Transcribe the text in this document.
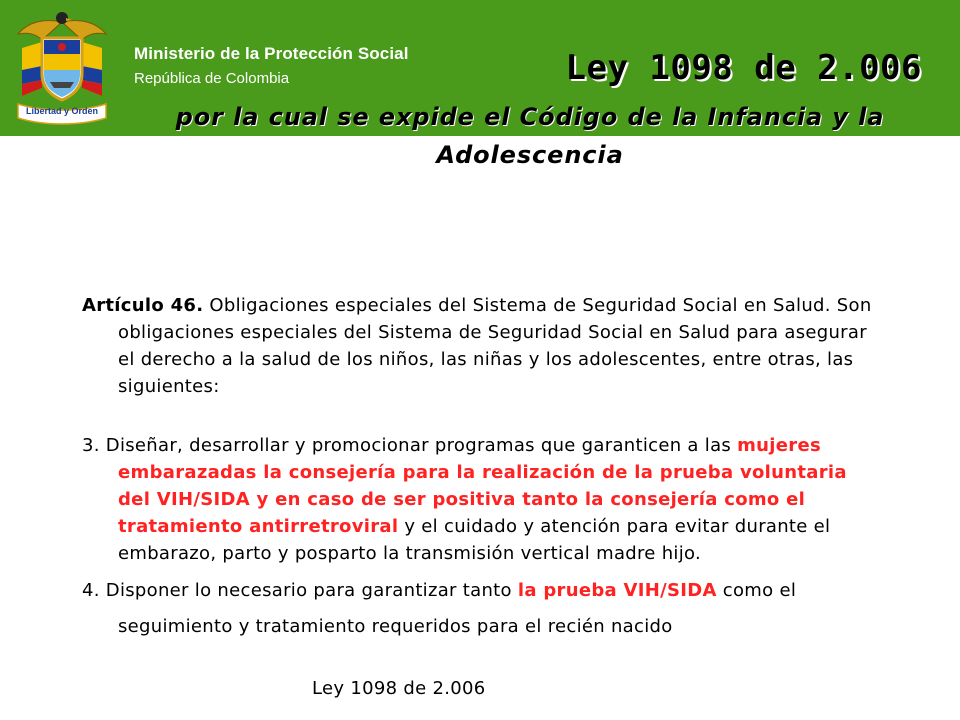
Libertad y Orden
Ministerio de la Protección Social
República de Colombia	Ley 1098 de 2.006
por la cual se expide el Código de la Infancia y la Adolescencia

Artículo 46. Obligaciones especiales del Sistema de Seguridad Social en Salud. Son obligaciones especiales del Sistema de Seguridad Social en Salud para asegurar el derecho a la salud de los niños, las niñas y los adolescentes, entre otras, las siguientes:

3. Diseñar, desarrollar y promocionar programas que garanticen a las mujeres embarazadas la consejería para la realización de la prueba voluntaria del VIH/SIDA y en caso de ser positiva tanto la consejería como el tratamiento antirretroviral y el cuidado y atención para evitar durante el embarazo, parto y posparto la transmisión vertical madre hijo.

4. Disponer lo necesario para garantizar tanto la prueba VIH/SIDA como el seguimiento y tratamiento requeridos para el recién nacido

Ley 1098 de 2.006
